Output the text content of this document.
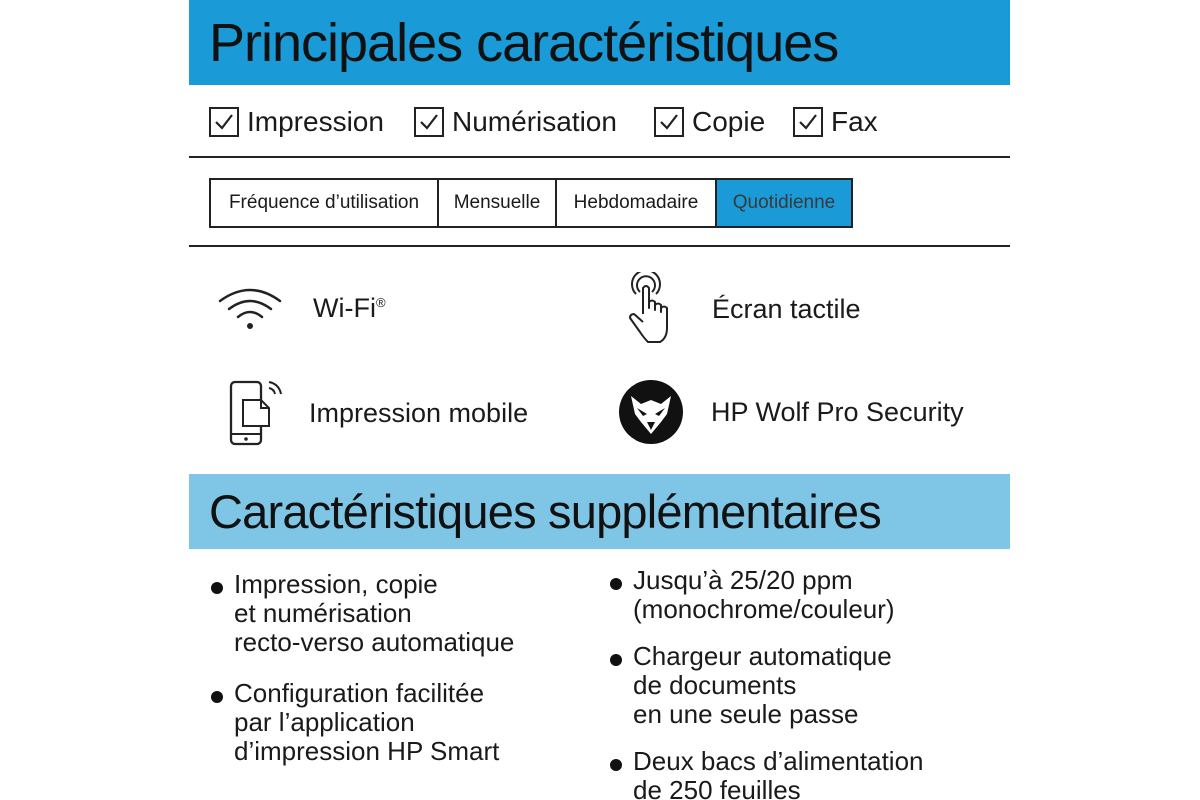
Principales caractéristiques
Impression Numérisation	Copie Fax
Fréquence d’utilisation	Mensuelle	Hebdomadaire	Quotidienne
Wi-Fi®	Écran tactile
Impression mobile	HP Wolf Pro Security
Caractéristiques supplémentaires
Impression, copie
et numérisation
recto-verso automatique
Configuration facilitée
par l’application
d’impression HP Smart
Jusqu’à 25/20 ppm
(monochrome/couleur)
Chargeur automatique
de documents
en une seule passe
Deux bacs d’alimentation
de 250 feuilles
